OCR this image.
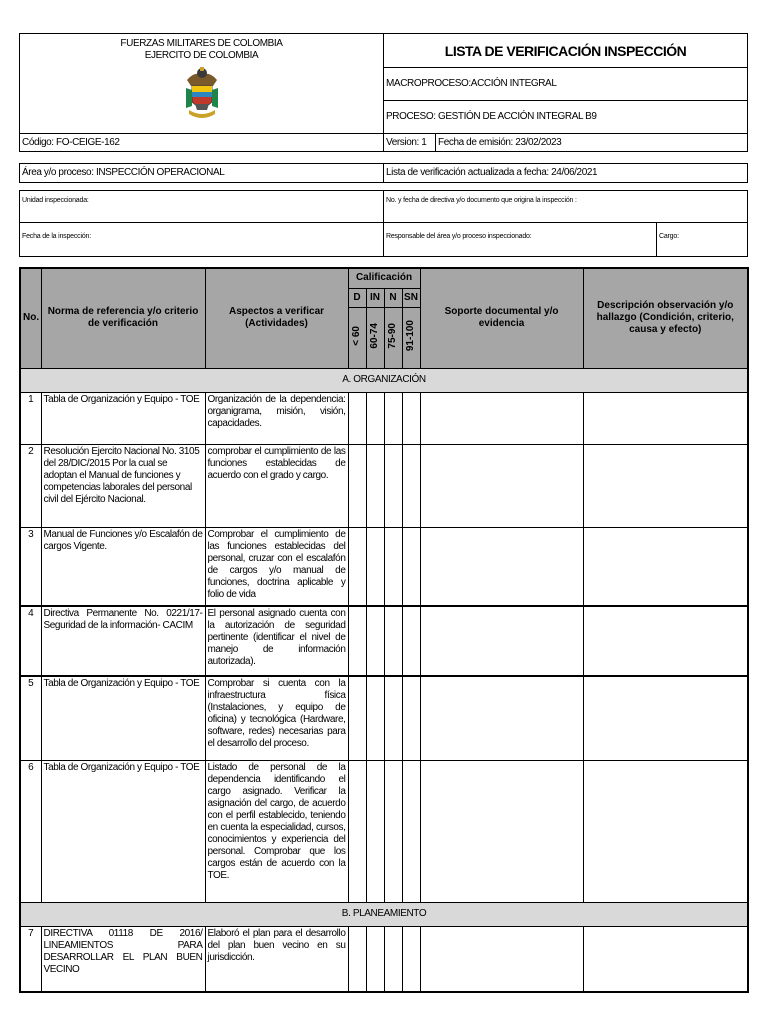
FUERZAS MILITARES DE COLOMBIA
EJERCITO DE COLOMBIA	LISTA DE VERIFICACIÓN INSPECCIÓN	
	MACROPROCESO:ACCIÓN INTEGRAL	
	PROCESO: GESTIÓN DE ACCIÓN INTEGRAL B9	
Código: FO-CEIGE-162	Version: 1	Fecha de emisión: 23/02/2023
Área y/o proceso: INSPECCIÓN OPERACIONAL	Lista de verificación actualizada a fecha: 24/06/2021
Unidad inspeccionada:	No. y fecha de directiva y/o documento que origina la inspección :	
Fecha de la inspección:	Responsable del área y/o proceso inspeccionado:	Cargo:
No.	Norma de referencia y/o criterio de verificación	Aspectos a verificar (Actividades)	Calificación				Soporte documental y/o evidencia	Descripción observación y/o hallazgo (Condición, criterio, causa y efecto)
			D	IN	N	SN		
			< 60	60-74	75-90	91-100		
A. ORGANIZACIÓN								
1	Tabla de Organización y Equipo - TOE	Organización de la dependencia: organigrama, misión, visión, capacidades.						
2	Resolución Ejercito Nacional No. 3105 del 28/DIC/2015 Por la cual se adoptan el Manual de funciones y competencias laborales del personal civil del Ejército Nacional.	comprobar el cumplimiento de las funciones establecidas de acuerdo con el grado y cargo.						
3	Manual de Funciones y/o Escalafón de cargos Vigente.	Comprobar el cumplimiento de las funciones establecidas del personal, cruzar con el escalafón de cargos y/o manual de funciones, doctrina aplicable y folio de vida						
4	Directiva Permanente No. 0221/17- Seguridad de la información- CACIM	El personal asignado cuenta con la autorización de seguridad pertinente (identificar el nivel de manejo de información autorizada).						
5	Tabla de Organización y Equipo - TOE	Comprobar si cuenta con la infraestructura física (Instalaciones, y equipo de oficina) y tecnológica (Hardware, software, redes) necesarias para el desarrollo del proceso.						
6	Tabla de Organización y Equipo - TOE	Listado de personal de la dependencia identificando el cargo asignado. Verificar la asignación del cargo, de acuerdo con el perfil establecido, teniendo en cuenta la especialidad, cursos, conocimientos y experiencia del personal. Comprobar que los cargos están de acuerdo con la TOE.						
B. PLANEAMIENTO								
7	DIRECTIVA 01118 DE 2016/ LINEAMIENTOS PARA DESARROLLAR EL PLAN BUEN VECINO	Elaboró el plan para el desarrollo del plan buen vecino en su jurisdicción.						
